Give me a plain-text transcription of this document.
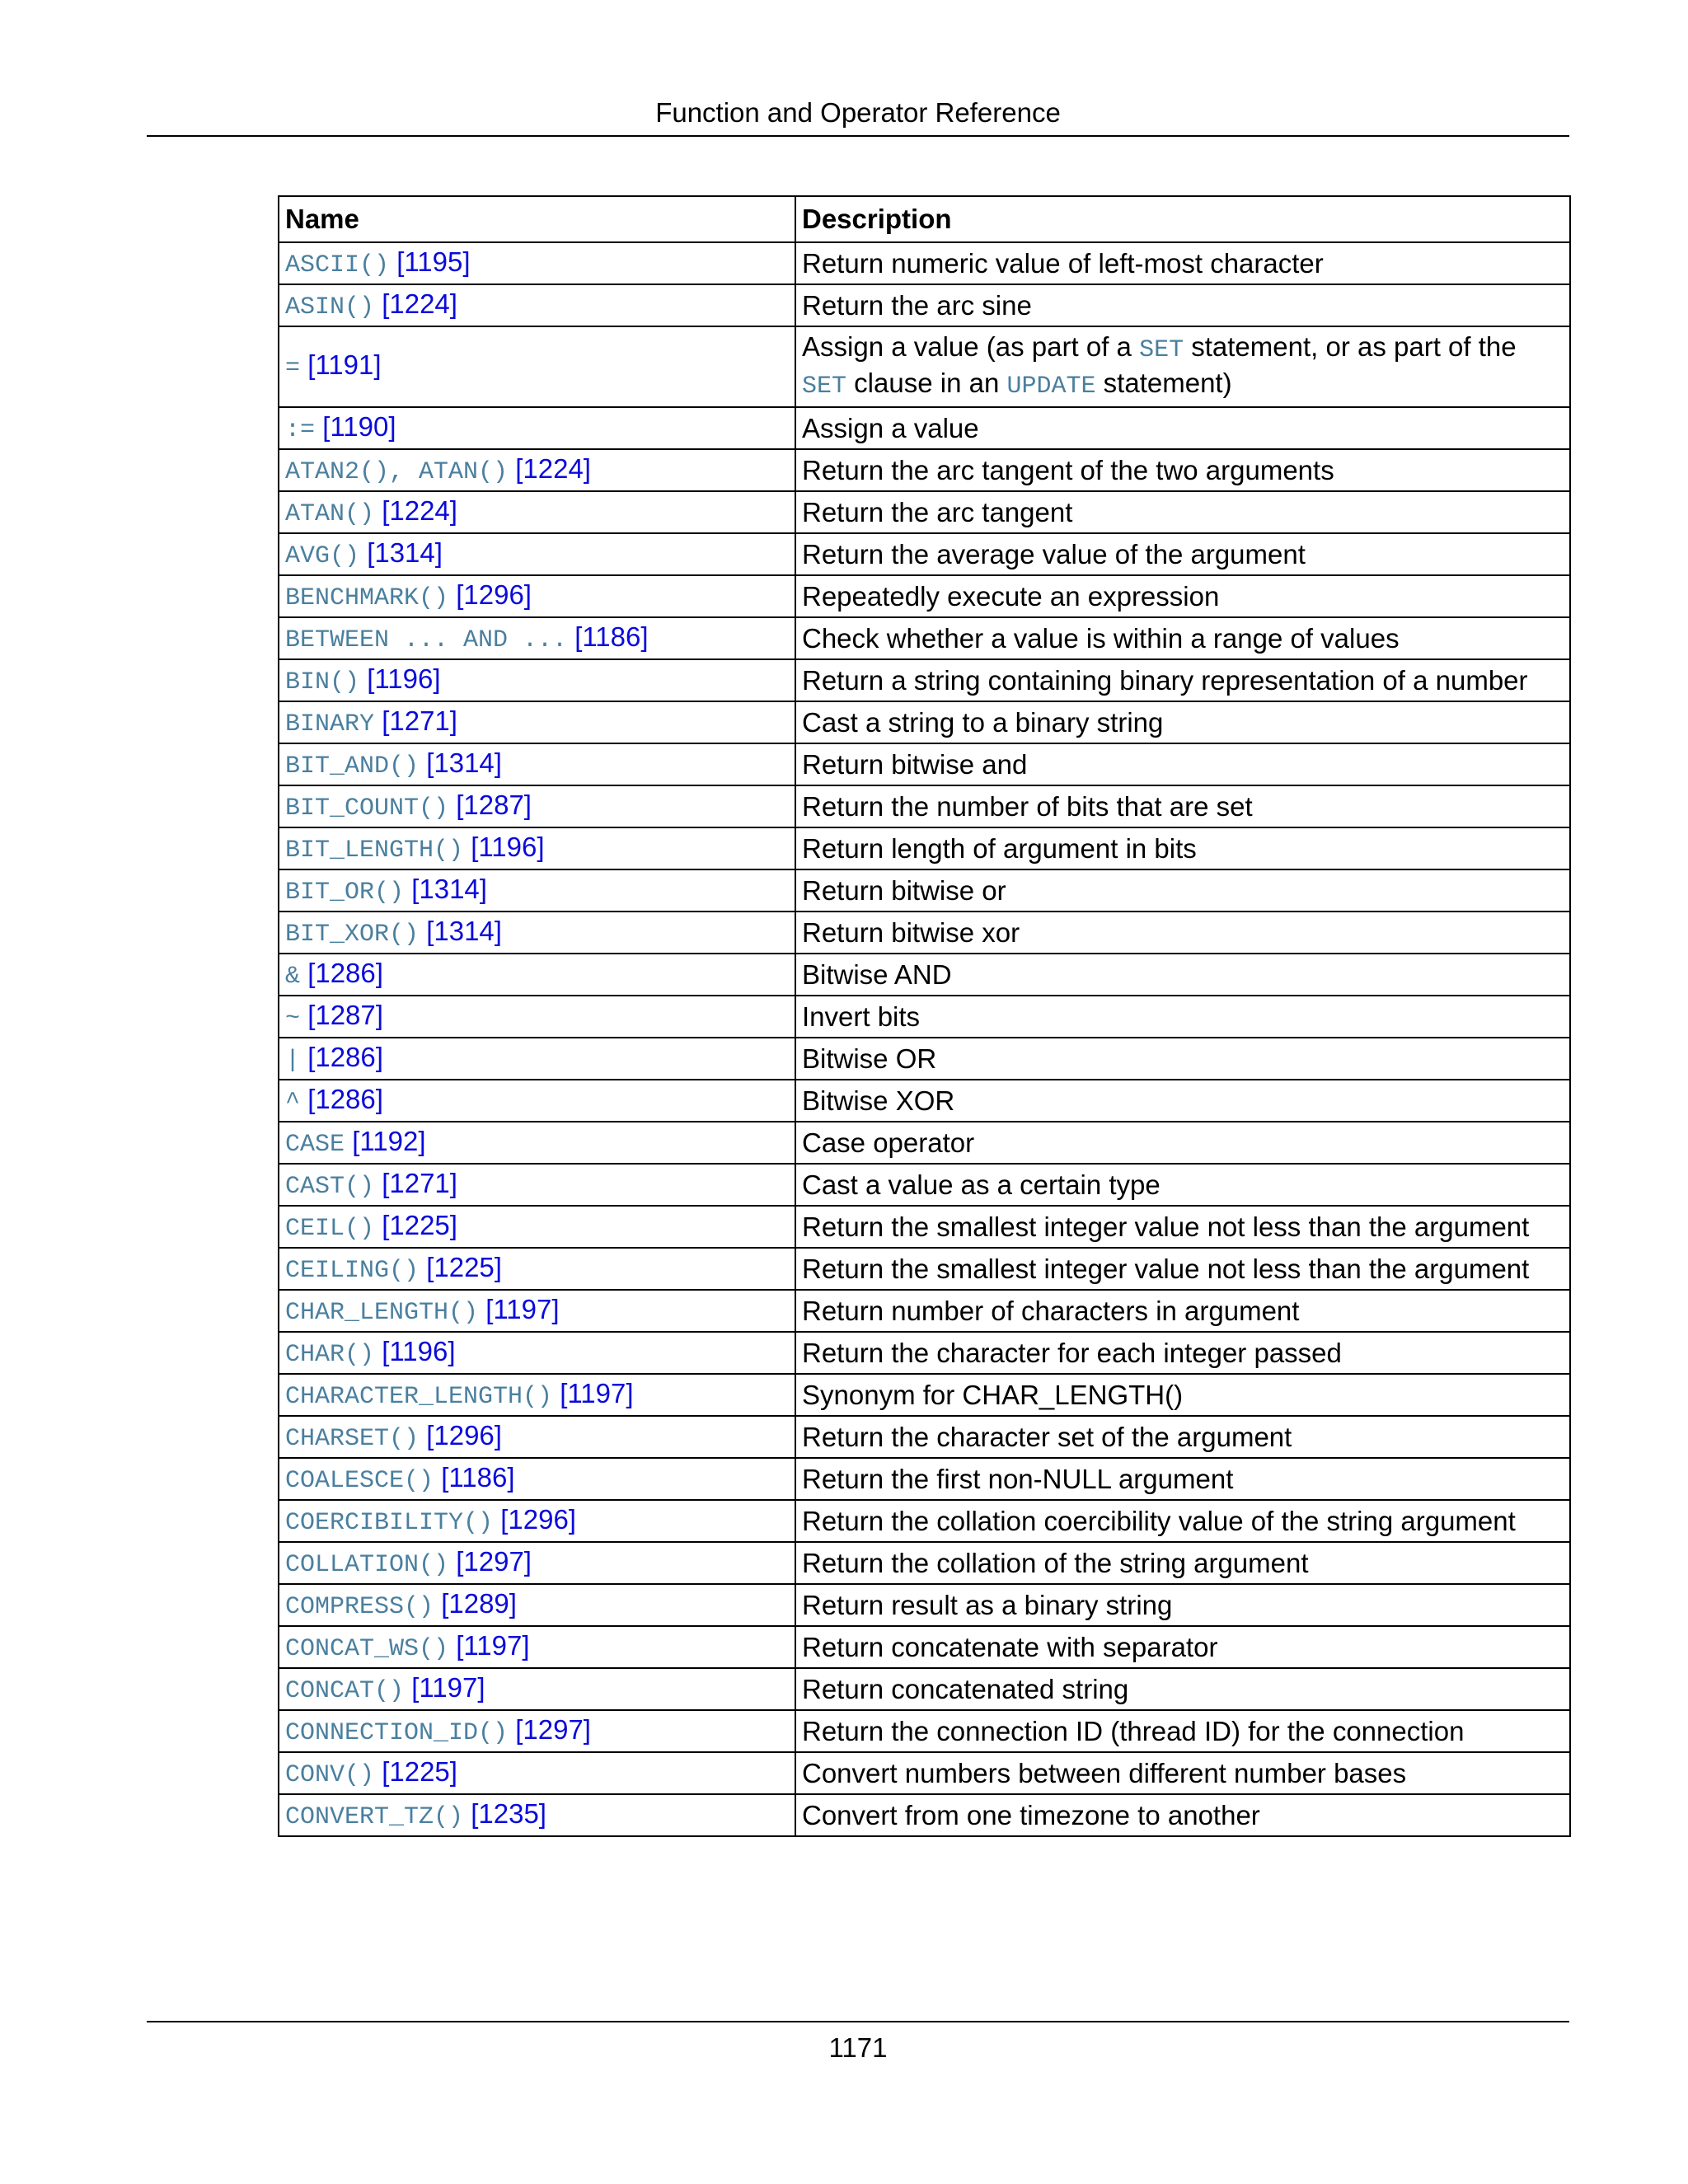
Function and Operator Reference
Name	Description
ASCII() [1195]	Return numeric value of left-most character
ASIN() [1224]	Return the arc sine
= [1191]	Assign a value (as part of a SET statement, or as part of the SET clause in an UPDATE statement)
:= [1190]	Assign a value
ATAN2(), ATAN() [1224]	Return the arc tangent of the two arguments
ATAN() [1224]	Return the arc tangent
AVG() [1314]	Return the average value of the argument
BENCHMARK() [1296]	Repeatedly execute an expression
BETWEEN ... AND ... [1186]	Check whether a value is within a range of values
BIN() [1196]	Return a string containing binary representation of a number
BINARY [1271]	Cast a string to a binary string
BIT_AND() [1314]	Return bitwise and
BIT_COUNT() [1287]	Return the number of bits that are set
BIT_LENGTH() [1196]	Return length of argument in bits
BIT_OR() [1314]	Return bitwise or
BIT_XOR() [1314]	Return bitwise xor
& [1286]	Bitwise AND
~ [1287]	Invert bits
| [1286]	Bitwise OR
^ [1286]	Bitwise XOR
CASE [1192]	Case operator
CAST() [1271]	Cast a value as a certain type
CEIL() [1225]	Return the smallest integer value not less than the argument
CEILING() [1225]	Return the smallest integer value not less than the argument
CHAR_LENGTH() [1197]	Return number of characters in argument
CHAR() [1196]	Return the character for each integer passed
CHARACTER_LENGTH() [1197]	Synonym for CHAR_LENGTH()
CHARSET() [1296]	Return the character set of the argument
COALESCE() [1186]	Return the first non-NULL argument
COERCIBILITY() [1296]	Return the collation coercibility value of the string argument
COLLATION() [1297]	Return the collation of the string argument
COMPRESS() [1289]	Return result as a binary string
CONCAT_WS() [1197]	Return concatenate with separator
CONCAT() [1197]	Return concatenated string
CONNECTION_ID() [1297]	Return the connection ID (thread ID) for the connection
CONV() [1225]	Convert numbers between different number bases
CONVERT_TZ() [1235]	Convert from one timezone to another
1171
